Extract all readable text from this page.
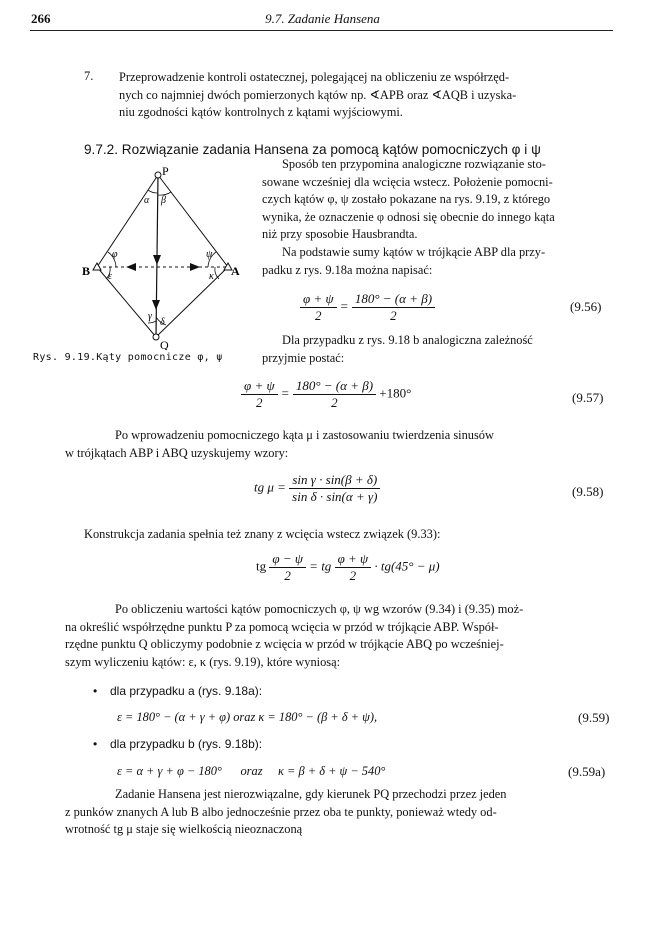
266	9.7. Zadanie Hansena
7. Przeprowadzenie kontroli ostatecznej, polegającej na obliczeniu ze współrzęd-
nych co najmniej dwóch pomierzonych kątów np. ∢APB oraz ∢AQB i uzyska-
niu zgodności kątów kontrolnych z kątami wyjściowymi.
9.7.2. Rozwiązanie zadania Hansena za pomocą kątów pomocniczych φ i ψ
P
Q
B	A
α β
φ	ψ
ε	κ
γ
δ
Rys. 9.19.Kąty pomocnicze φ, ψ
Sposób ten przypomina analogiczne rozwiązanie sto-
sowane wcześniej dla wcięcia wstecz. Położenie pomocni-
czych kątów φ, ψ zostało pokazane na rys. 9.19, z którego
wynika, że oznaczenie φ odnosi się obecnie do innego kąta
niż przy sposobie Hausbrandta.
Na podstawie sumy kątów w trójkącie ABP dla przy-
padku z rys. 9.18a można napisać:
$\frac{\varphi + \psi}{2} = \frac{180^\circ - (\alpha + \beta)}{2}$	(9.56)
Dla przypadku z rys. 9.18 b analogiczna zależność
przyjmie postać:
$\frac{\varphi + \psi}{2} = \frac{180^\circ - (\alpha + \beta)}{2} +180^\circ$	(9.57)
Po wprowadzeniu pomocniczego kąta μ i zastosowaniu twierdzenia sinusów
w trójkątach ABP i ABQ uzyskujemy wzory:
tg $\mu = \frac{\text{sin γ · sin(β + δ)}}{\text{sin δ · sin(α + γ)}}$	(9.58)
Konstrukcja zadania spełnia też znany z wcięcia wstecz związek (9.33):
tg $\frac{\varphi - \psi}{2}$ = tg $\frac{\varphi + \psi}{2} \cdot tg(45^\circ - \mu)$
Po obliczeniu wartości kątów pomocniczych φ, ψ wg wzorów (9.34) i (9.35) moż-
na określić współrzędne punktu P za pomocą wcięcia w przód w trójkącie ABP. Współ-
rzędne punktu Q obliczymy podobnie z wcięcia w przód w trójkącie ABQ po wcześniej-
szym wyliczeniu kątów: ε, κ (rys. 9.19), które wyniosą:
• dla przypadku a (rys. 9.18a):
ε = 180° − (α + γ + φ) oraz κ = 180° − (β + δ + ψ),	(9.59)
• dla przypadku b (rys. 9.18b):
ε = α + γ + φ − 180°      oraz     κ = β + δ + ψ − 540°	(9.59a)
Zadanie Hansena jest nierozwiązalne, gdy kierunek PQ przechodzi przez jeden
z punków znanych A lub B albo jednocześnie przez oba te punkty, ponieważ wtedy od-
wrotność tg μ staje się wielkością nieoznaczoną
